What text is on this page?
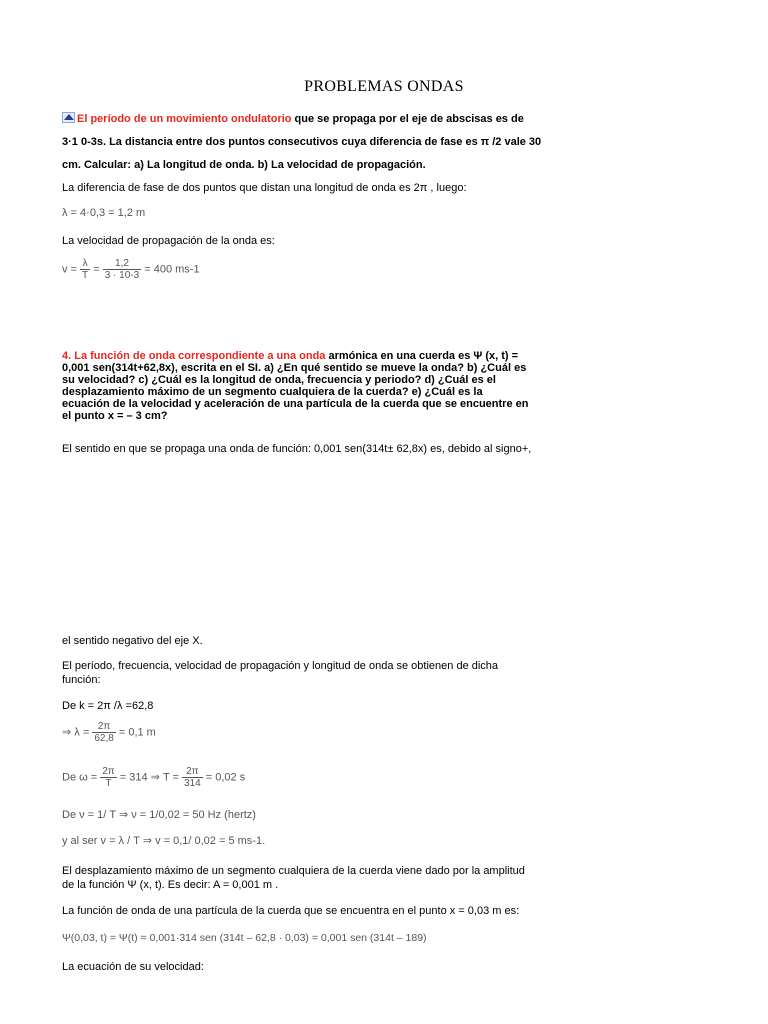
PROBLEMAS ONDAS
El período de un movimiento ondulatorio que se propaga por el eje de abscisas es de
3·1 0-3s. La distancia entre dos puntos consecutivos cuya diferencia de fase es π /2 vale 30
cm. Calcular: a) La longitud de onda. b) La velocidad de propagación.
La diferencia de fase de dos puntos que distan una longitud de onda es 2π , luego:
λ = 4·0,3 = 1,2 m
La velocidad de propagación de la onda es:
$v = \frac{\lambda}{T} = \frac{1,2}{3 \cdot 10-3} = 400$ ms-1
4. La función de onda correspondiente a una onda armónica en una cuerda es Ψ (x, t) = 0,001 sen(314t+62,8x), escrita en el SI. a) ¿En qué sentido se mueve la onda? b) ¿Cuál es su velocidad? c) ¿Cuál es la longitud de onda, frecuencia y periodo? d) ¿Cuál es el desplazamiento máximo de un segmento cualquiera de la cuerda? e) ¿Cuál es la ecuación de la velocidad y aceleración de una partícula de la cuerda que se encuentre en el punto x = – 3 cm?
El sentido en que se propaga una onda de función: 0,001 sen(314t± 62,8x) es, debido al signo+,
el sentido negativo del eje X.
El período, frecuencia, velocidad de propagación y longitud de onda se obtienen de dicha función:
De k = 2π /λ =62,8
⇒ $\lambda = \frac{2\pi}{62,8} = 0,1$ m
De $\omega = \frac{2\pi}{T} = 314$ ⇒ $T = \frac{2\pi}{314} = 0,02$ s
De ν = 1/ T ⇒ ν = 1/0,02 = 50 Hz (hertz)
y al ser v = λ / T ⇒ v = 0,1/ 0,02 = 5 ms-1.
El desplazamiento máximo de un segmento cualquiera de la cuerda viene dado por la amplitud de la función Ψ (x, t). Es decir: A = 0,001 m .
La función de onda de una partícula de la cuerda que se encuentra en el punto x = 0,03 m es:
Ψ(0,03, t) = Ψ(t) = 0,001·314 sen (314t – 62,8 · 0,03) = 0,001 sen (314t – 189)
La ecuación de su velocidad:
